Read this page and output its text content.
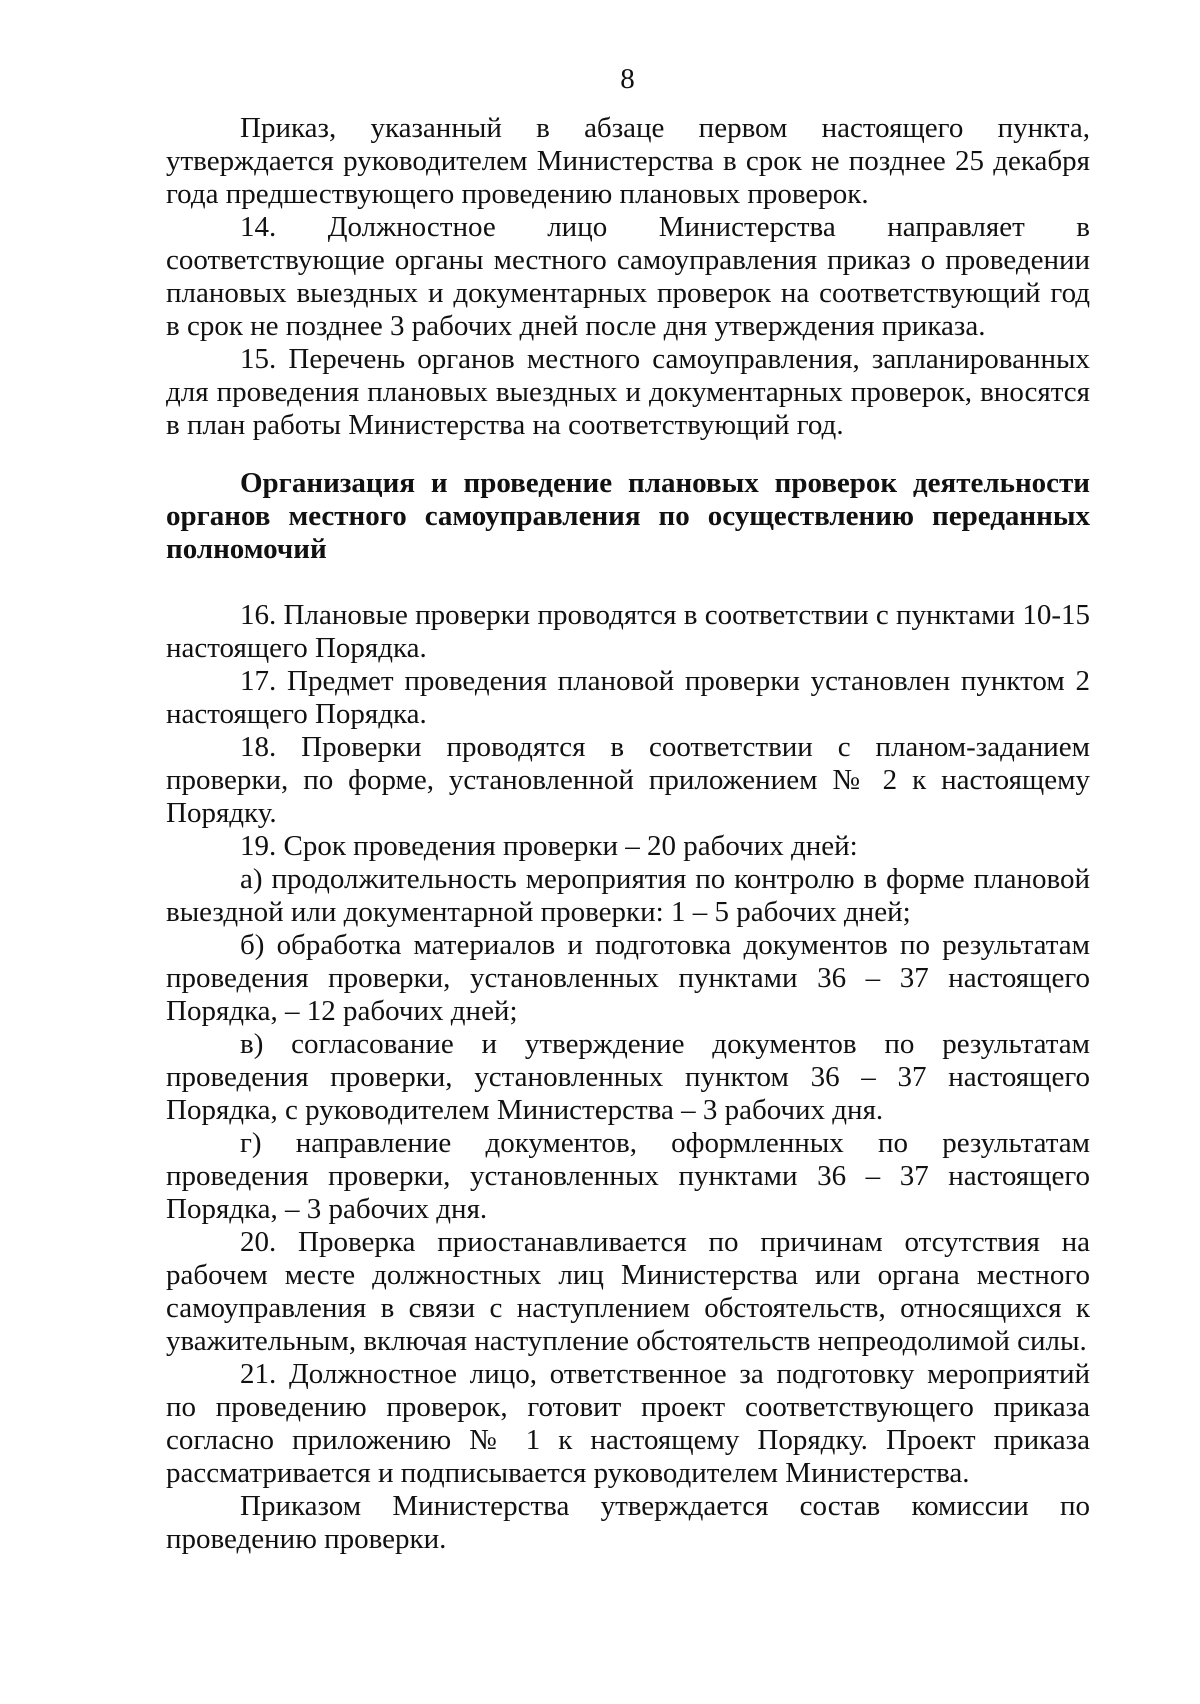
8

Приказ, указанный в абзаце первом настоящего пункта, утверждается руководителем Министерства в срок не позднее 25 декабря года предшествующего проведению плановых проверок.

14. Должностное лицо Министерства направляет в соответствующие органы местного самоуправления приказ о проведении плановых выездных и документарных проверок на соответствующий год в срок не позднее 3 рабочих дней после дня утверждения приказа.

15. Перечень органов местного самоуправления, запланированных для проведения плановых выездных и документарных проверок, вносятся в план работы Министерства на соответствующий год.

Организация и проведение плановых проверок деятельности органов местного самоуправления по осуществлению переданных полномочий

16. Плановые проверки проводятся в соответствии с пунктами 10-15 настоящего Порядка.

17. Предмет проведения плановой проверки установлен пунктом 2 настоящего Порядка.

18. Проверки проводятся в соответствии с планом-заданием проверки, по форме, установленной приложением № 2 к настоящему Порядку.

19. Срок проведения проверки – 20 рабочих дней:

а) продолжительность мероприятия по контролю в форме плановой выездной или документарной проверки: 1 – 5 рабочих дней;

б) обработка материалов и подготовка документов по результатам проведения проверки, установленных пунктами 36 – 37 настоящего Порядка, – 12 рабочих дней;

в) согласование и утверждение документов по результатам проведения проверки, установленных пунктом 36 – 37 настоящего Порядка, с руководителем Министерства – 3 рабочих дня.

г) направление документов, оформленных по результатам проведения проверки, установленных пунктами 36 – 37 настоящего Порядка, – 3 рабочих дня.

20. Проверка приостанавливается по причинам отсутствия на рабочем месте должностных лиц Министерства или органа местного самоуправления в связи с наступлением обстоятельств, относящихся к уважительным, включая наступление обстоятельств непреодолимой силы.

21. Должностное лицо, ответственное за подготовку мероприятий по проведению проверок, готовит проект соответствующего приказа согласно приложению № 1 к настоящему Порядку. Проект приказа рассматривается и подписывается руководителем Министерства.

Приказом Министерства утверждается состав комиссии по проведению проверки.
